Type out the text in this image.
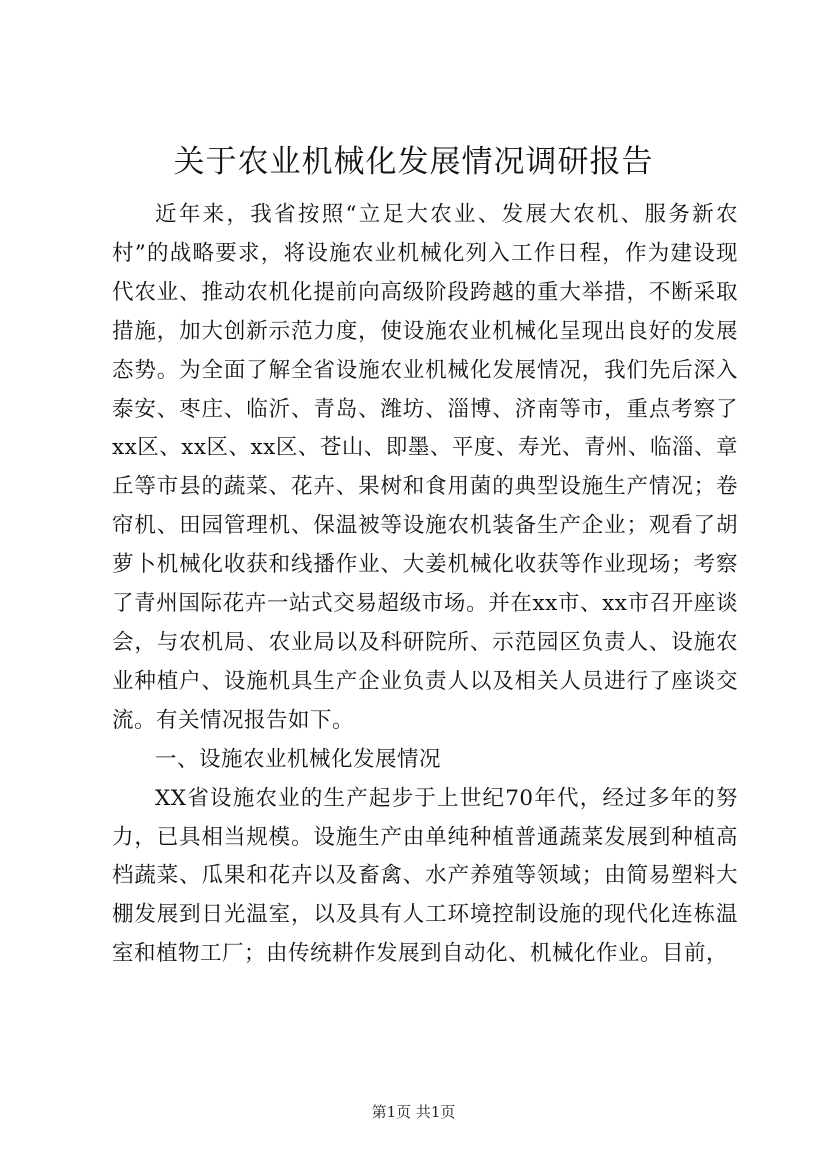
关于农业机械化发展情况调研报告

近年来，我省按照“立足大农业、发展大农机、服务新农村”的战略要求，将设施农业机械化列入工作日程，作为建设现代农业、推动农机化提前向高级阶段跨越的重大举措，不断采取措施，加大创新示范力度，使设施农业机械化呈现出良好的发展态势。为全面了解全省设施农业机械化发展情况，我们先后深入泰安、枣庄、临沂、青岛、潍坊、淄博、济南等市，重点考察了xx区、xx区、xx区、苍山、即墨、平度、寿光、青州、临淄、章丘等市县的蔬菜、花卉、果树和食用菌的典型设施生产情况；卷帘机、田园管理机、保温被等设施农机装备生产企业；观看了胡萝卜机械化收获和线播作业、大姜机械化收获等作业现场；考察了青州国际花卉一站式交易超级市场。并在xx市、xx市召开座谈会，与农机局、农业局以及科研院所、示范园区负责人、设施农业种植户、设施机具生产企业负责人以及相关人员进行了座谈交流。有关情况报告如下。

一、设施农业机械化发展情况

XX省设施农业的生产起步于上世纪70年代，经过多年的努力，已具相当规模。设施生产由单纯种植普通蔬菜发展到种植高档蔬菜、瓜果和花卉以及畜禽、水产养殖等领域；由简易塑料大棚发展到日光温室，以及具有人工环境控制设施的现代化连栋温室和植物工厂；由传统耕作发展到自动化、机械化作业。目前，

第1页 共1页
